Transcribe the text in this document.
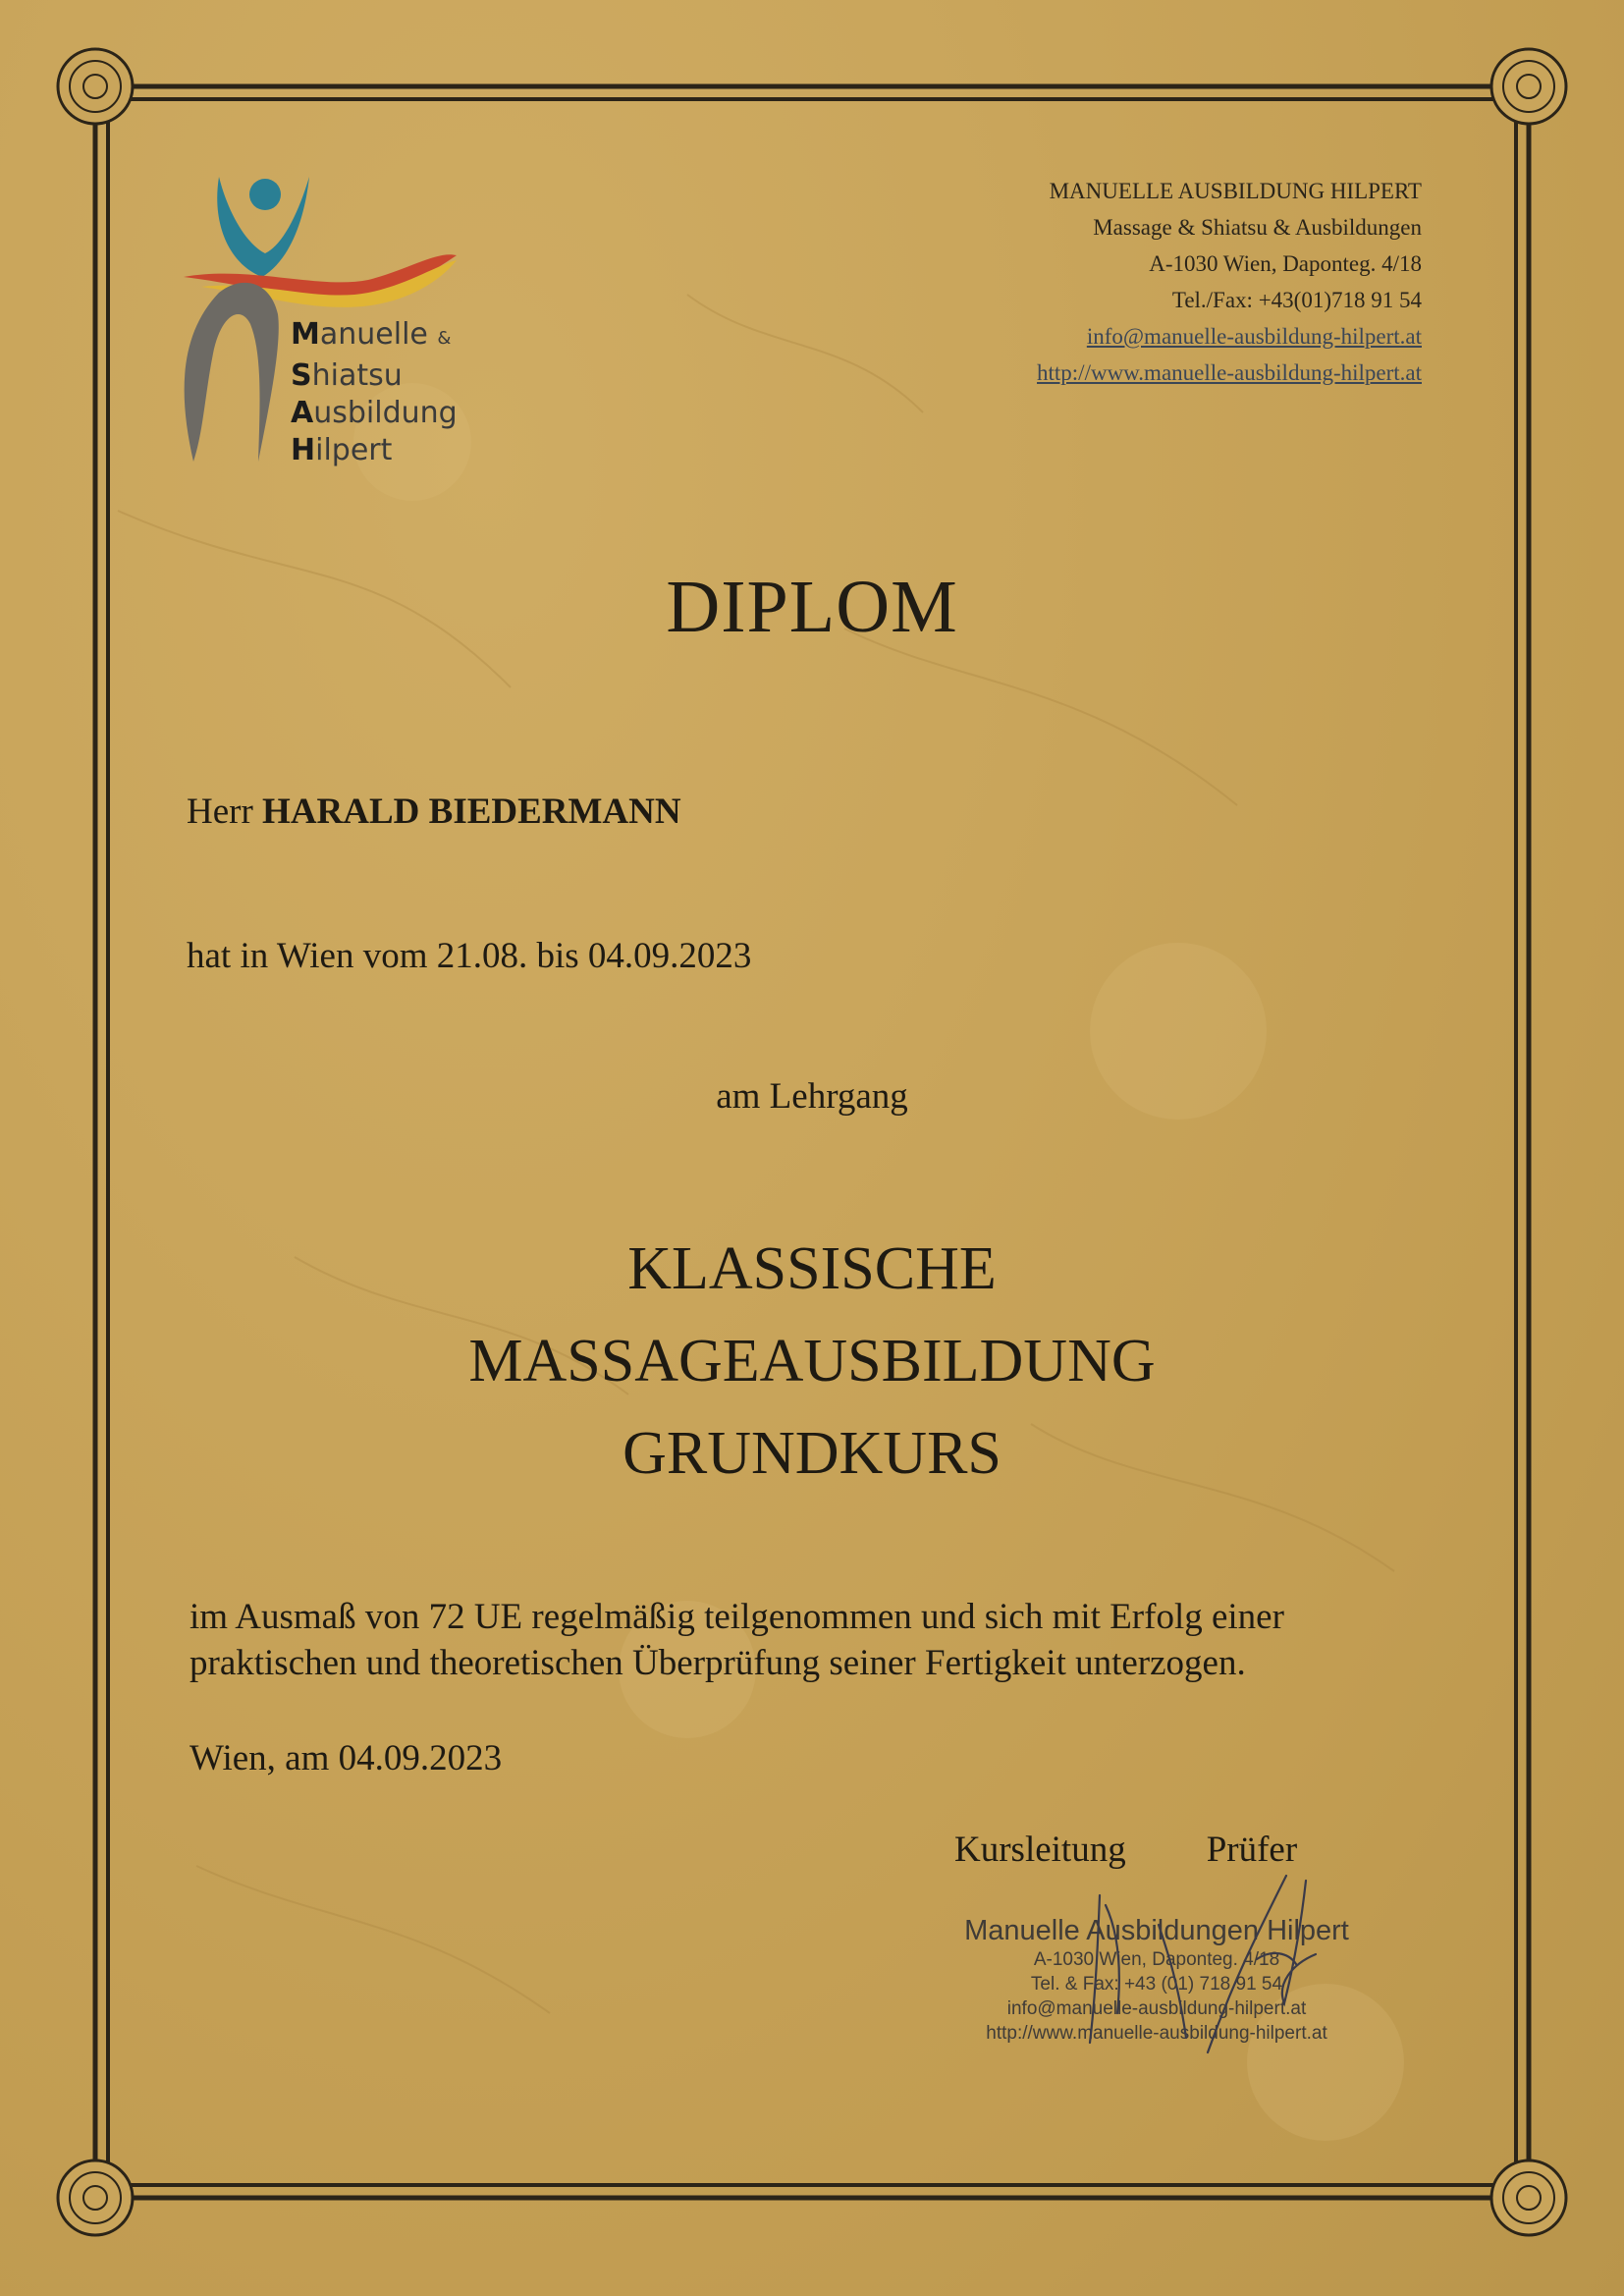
Manuelle &
Shiatsu
Ausbildung
Hilpert
MANUELLE AUSBILDUNG HILPERT
Massage & Shiatsu & Ausbildungen
A-1030 Wien, Daponteg. 4/18
Tel./Fax: +43(01)718 91 54
info@manuelle-ausbildung-hilpert.at
http://www.manuelle-ausbildung-hilpert.at
DIPLOM
Herr HARALD BIEDERMANN
hat in Wien vom 21.08. bis 04.09.2023
am Lehrgang
KLASSISCHE
MASSAGEAUSBILDUNG
GRUNDKURS
im Ausmaß von 72 UE regelmäßig teilgenommen und sich mit Erfolg einer
praktischen und theoretischen Überprüfung seiner Fertigkeit unterzogen.
Wien, am 04.09.2023
Kursleitung Prüfer
Manuelle Ausbildungen Hilpert
A-1030 Wien, Daponteg. 4/18
Tel. & Fax: +43 (01) 718 91 54
info@manuelle-ausbildung-hilpert.at
http://www.manuelle-ausbildung-hilpert.at
